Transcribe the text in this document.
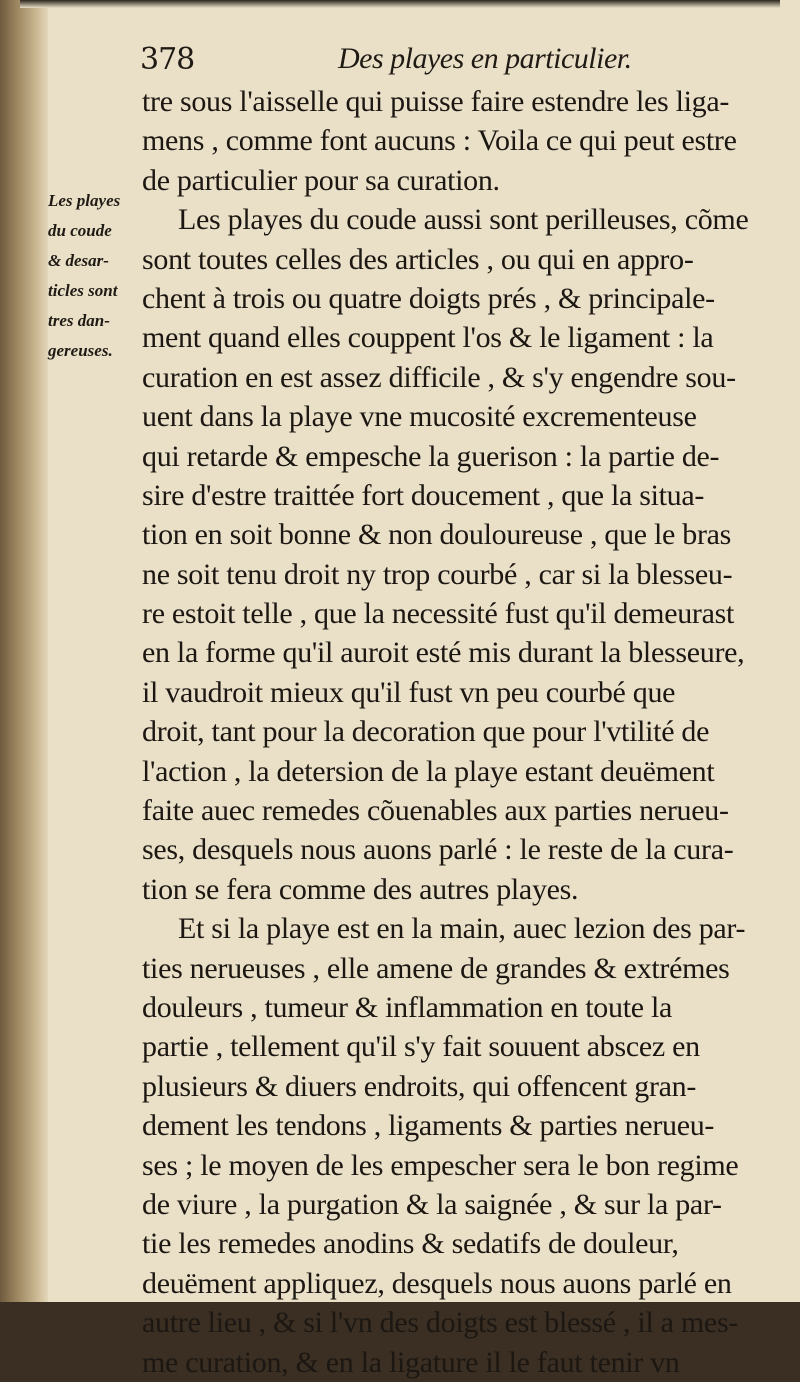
378	Des playes en particulier.
Les playes
du coude
& desar-
ticles sont
tres dan-
gereuses.
tre sous l'aisselle qui puisse faire estendre les liga-
mens , comme font aucuns : Voila ce qui peut estre
de particulier pour sa curation.
Les playes du coude aussi sont perilleuses, cõme
sont toutes celles des articles , ou qui en appro-
chent à trois ou quatre doigts prés , & principale-
ment quand elles couppent l'os & le ligament : la
curation en est assez difficile , & s'y engendre sou-
uent dans la playe vne mucosité excrementeuse
qui retarde & empesche la guerison : la partie de-
sire d'estre traittée fort doucement , que la situa-
tion en soit bonne & non douloureuse , que le bras
ne soit tenu droit ny trop courbé , car si la blesseu-
re estoit telle , que la necessité fust qu'il demeurast
en la forme qu'il auroit esté mis durant la blesseure,
il vaudroit mieux qu'il fust vn peu courbé que
droit, tant pour la decoration que pour l'vtilité de
l'action , la detersion de la playe estant deuëment
faite auec remedes cõuenables aux parties nerueu-
ses, desquels nous auons parlé : le reste de la cura-
tion se fera comme des autres playes.
Et si la playe est en la main, auec lezion des par-
ties nerueuses , elle amene de grandes & extrémes
douleurs , tumeur & inflammation en toute la
partie , tellement qu'il s'y fait souuent abscez en
plusieurs & diuers endroits, qui offencent gran-
dement les tendons , ligaments & parties nerueu-
ses ; le moyen de les empescher sera le bon regime
de viure , la purgation & la saignée , & sur la par-
tie les remedes anodins & sedatifs de douleur,
deuëment appliquez, desquels nous auons parlé en
autre lieu , & si l'vn des doigts est blessé , il a mes-
me curation, & en la ligature il le faut tenir vn
